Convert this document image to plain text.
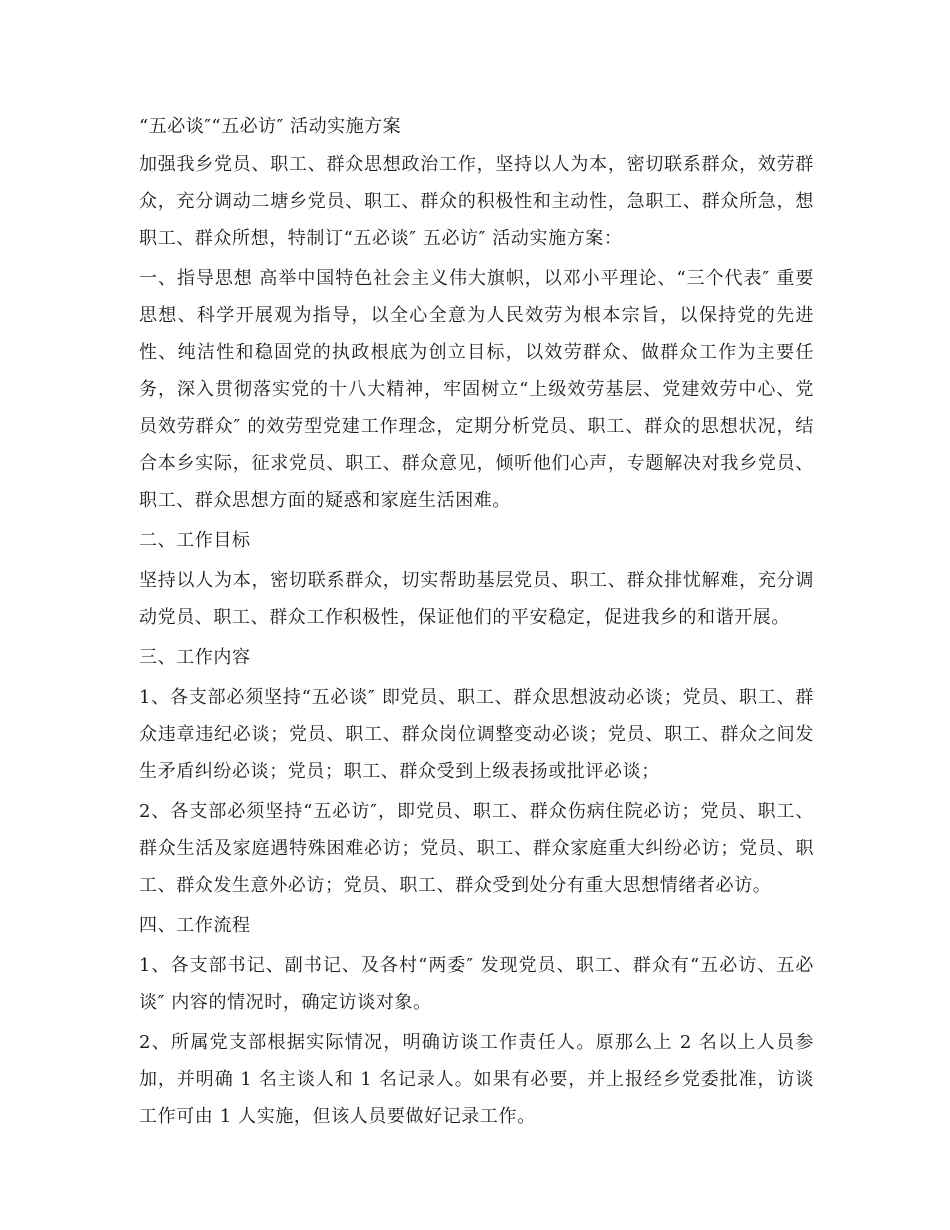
“五必谈″“五必访″ 活动实施方案

加强我乡党员、职工、群众思想政治工作，坚持以人为本，密切联系群众，效劳群众，充分调动二塘乡党员、职工、群众的积极性和主动性，急职工、群众所急，想职工、群众所想，特制订“五必谈″ 五必访″ 活动实施方案：

一、指导思想 高举中国特色社会主义伟大旗帜，以邓小平理论、“三个代表″ 重要思想、科学开展观为指导，以全心全意为人民效劳为根本宗旨，以保持党的先进性、纯洁性和稳固党的执政根底为创立目标，以效劳群众、做群众工作为主要任务，深入贯彻落实党的十八大精神，牢固树立“上级效劳基层、党建效劳中心、党员效劳群众″ 的效劳型党建工作理念，定期分析党员、职工、群众的思想状况，结合本乡实际，征求党员、职工、群众意见，倾听他们心声，专题解决对我乡党员、职工、群众思想方面的疑惑和家庭生活困难。

二、工作目标

坚持以人为本，密切联系群众，切实帮助基层党员、职工、群众排忧解难，充分调动党员、职工、群众工作积极性，保证他们的平安稳定，促进我乡的和谐开展。

三、工作内容

1、各支部必须坚持“五必谈″ 即党员、职工、群众思想波动必谈；党员、职工、群众违章违纪必谈；党员、职工、群众岗位调整变动必谈；党员、职工、群众之间发生矛盾纠纷必谈；党员；职工、群众受到上级表扬或批评必谈；

2、各支部必须坚持“五必访″，即党员、职工、群众伤病住院必访；党员、职工、群众生活及家庭遇特殊困难必访；党员、职工、群众家庭重大纠纷必访；党员、职工、群众发生意外必访；党员、职工、群众受到处分有重大思想情绪者必访。

四、工作流程

1、各支部书记、副书记、及各村“两委″ 发现党员、职工、群众有“五必访、五必谈″ 内容的情况时，确定访谈对象。

2、所属党支部根据实际情况，明确访谈工作责任人。原那么上 2 名以上人员参加，并明确 1 名主谈人和 1 名记录人。如果有必要，并上报经乡党委批准，访谈工作可由 1 人实施，但该人员要做好记录工作。
